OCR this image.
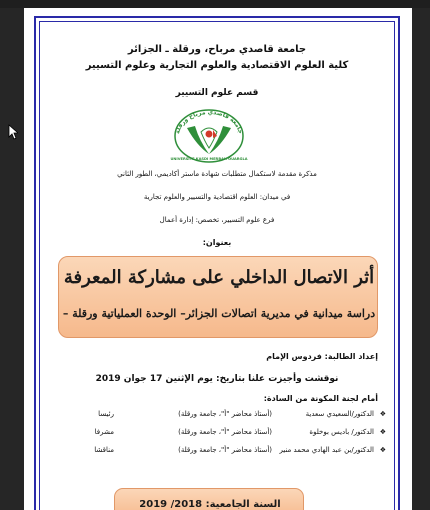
جامعة قاصدي مرباح، ورقلة ـ الجزائر
كلية العلوم الاقتصادية والعلوم التجارية وعلوم التسيير
قسم علوم التسيير
جامعة قاصدي مرباح ورقلة
UNIVERSITE KASDI MERBAH OUARGLA
مذكرة مقدمة لاستكمال متطلبات شهادة ماستر أكاديمي، الطور الثاني
في ميدان: العلوم اقتصادية والتسيير والعلوم تجارية
فرع علوم التسيير، تخصص: إدارة أعمال
بعنوان:
أثر الاتصال الداخلي على مشاركة المعرفة
دراسة ميدانية في مديرية اتصالات الجزائر– الوحدة العملياتية ورقلة –
إعداد الطالبة: فردوس الإمام
نوقشت وأجيزت علنا بتاريخ: يوم الإثنين 17 جوان 2019
أمام لجنة المكونة من السادة:
❖
الدكتور/السعيدي سعدية
(أستاذ محاضر "أ"، جامعة ورقلة)
رئيسا
❖
الدكتور/ باديس بوخلوة
(أستاذ محاضر "أ"، جامعة ورقلة)
مشرفا
❖
الدكتور/بن عبد الهادي محمد منير
(أستاذ محاضر "أ"، جامعة ورقلة)
مناقشا
السنة الجامعية: 2018/ 2019
